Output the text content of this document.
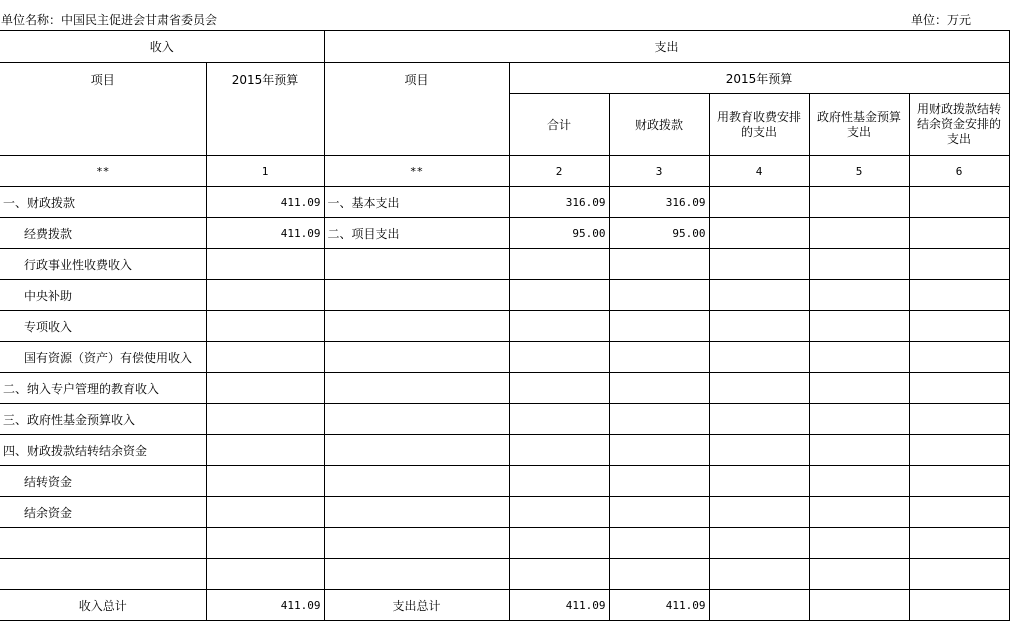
单位名称：中国民主促进会甘肃省委员会	单位：万元
收入		支出					
项目	2015年预算	项目	2015年预算				
			合计	财政拨款	用教育收费安排的支出	政府性基金预算支出	用财政拨款结转结余资金安排的支出
**	1	**	2	3	4	5	6
一、财政拨款	411.09	一、基本支出	316.09	316.09			
经费拨款	411.09	二、项目支出	95.00	95.00			
行政事业性收费收入							
中央补助							
专项收入							
国有资源（资产）有偿使用收入							
二、纳入专户管理的教育收入							
三、政府性基金预算收入							
四、财政拨款结转结余资金							
结转资金							
结余资金							

收入总计	411.09	支出总计	411.09	411.09			
